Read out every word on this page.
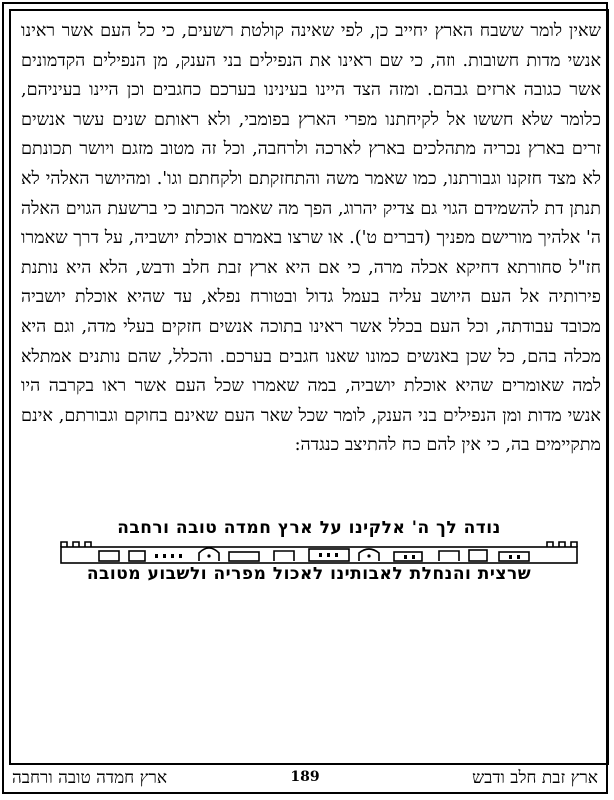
שאין לומר ששבח הארץ יחייב כן, לפי שאינה קולטת רשעים, כי כל העם אשר ראינו אנשי מדות חשובות. וזה, כי שם ראינו את הנפילים בני הענק, מן הנפילים הקדמונים אשר כגובה ארזים גבהם. ומזה הצד היינו בעינינו בערכם כחגבים וכן היינו בעיניהם, כלומר שלא חששו אל לקיחתנו מפרי הארץ בפומבי, ולא ראותם שנים עשר אנשים זרים בארץ נכריה מתהלכים בארץ לארכה ולרחבה, וכל זה מטוב מזגם ויושר תכונתם לא מצד חזקנו וגבורתנו, כמו שאמר משה והתחזקתם ולקחתם וגו'. ומהיושר האלהי לא תנתן דת להשמידם הגוי גם צדיק יהרוג, הפך מה שאמר הכתוב כי ברשעת הגוים האלה ה' אלהיך מורישם מפניך (דברים ט'). או שרצו באמרם אוכלת יושביה, על דרך שאמרו חז"ל סחורתא דחיקא אכלה מרה, כי אם היא ארץ זבת חלב ודבש, הלא היא נותנת פירותיה אל העם היושב עליה בעמל גדול ובטורח נפלא, עד שהיא אוכלת יושביה מכובד עבודתה, וכל העם בכלל אשר ראינו בתוכה אנשים חזקים בעלי מדה, וגם היא מכלה בהם, כל שכן באנשים כמונו שאנו חגבים בערכם. והכלל, שהם נותנים אמתלא למה שאומרים שהיא אוכלת יושביה, במה שאמרו שכל העם אשר ראו בקרבה היו אנשי מדות ומן הנפילים בני הענק, לומר שכל שאר העם שאינם בחוקם וגבורתם, אינם מתקיימים בה, כי אין להם כח להתיצב כנגדה:

נודה לך ה' אלקינו על ארץ חמדה טובה ורחבה

שרצית והנחלת לאבותינו לאכול מפריה ולשבוע מטובה

ארץ זבת חלב ודבש
189
ארץ חמדה טובה ורחבה
